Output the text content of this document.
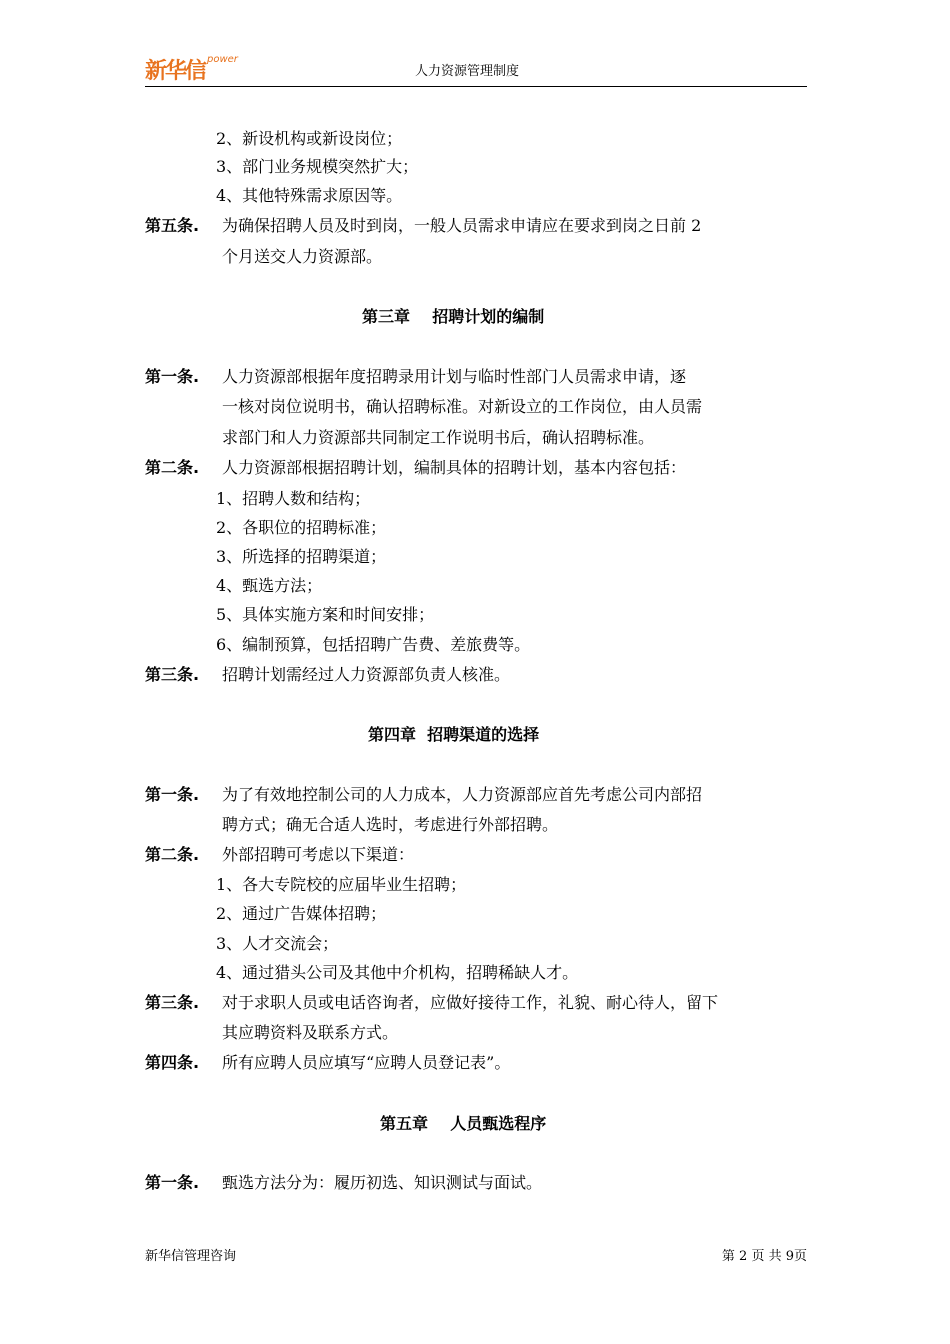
新华信 power
人力资源管理制度
2、新设机构或新设岗位；
3、部门业务规模突然扩大；
4、其他特殊需求原因等。
第五条. 为确保招聘人员及时到岗，一般人员需求申请应在要求到岗之日前 2
个月送交人力资源部。
第三章    招聘计划的编制
第一条. 人力资源部根据年度招聘录用计划与临时性部门人员需求申请，逐
一核对岗位说明书，确认招聘标准。对新设立的工作岗位，由人员需
求部门和人力资源部共同制定工作说明书后，确认招聘标准。
第二条. 人力资源部根据招聘计划，编制具体的招聘计划，基本内容包括：
1、招聘人数和结构；
2、各职位的招聘标准；
3、所选择的招聘渠道；
4、甄选方法；
5、具体实施方案和时间安排；
6、编制预算，包括招聘广告费、差旅费等。
第三条. 招聘计划需经过人力资源部负责人核准。
第四章  招聘渠道的选择
第一条. 为了有效地控制公司的人力成本，人力资源部应首先考虑公司内部招
聘方式；确无合适人选时，考虑进行外部招聘。
第二条. 外部招聘可考虑以下渠道：
1、各大专院校的应届毕业生招聘；
2、通过广告媒体招聘；
3、人才交流会；
4、通过猎头公司及其他中介机构，招聘稀缺人才。
第三条. 对于求职人员或电话咨询者，应做好接待工作，礼貌、耐心待人，留下
其应聘资料及联系方式。
第四条. 所有应聘人员应填写“应聘人员登记表”。
第五章    人员甄选程序
第一条. 甄选方法分为：履历初选、知识测试与面试。
新华信管理咨询	第 2 页 共 9页
